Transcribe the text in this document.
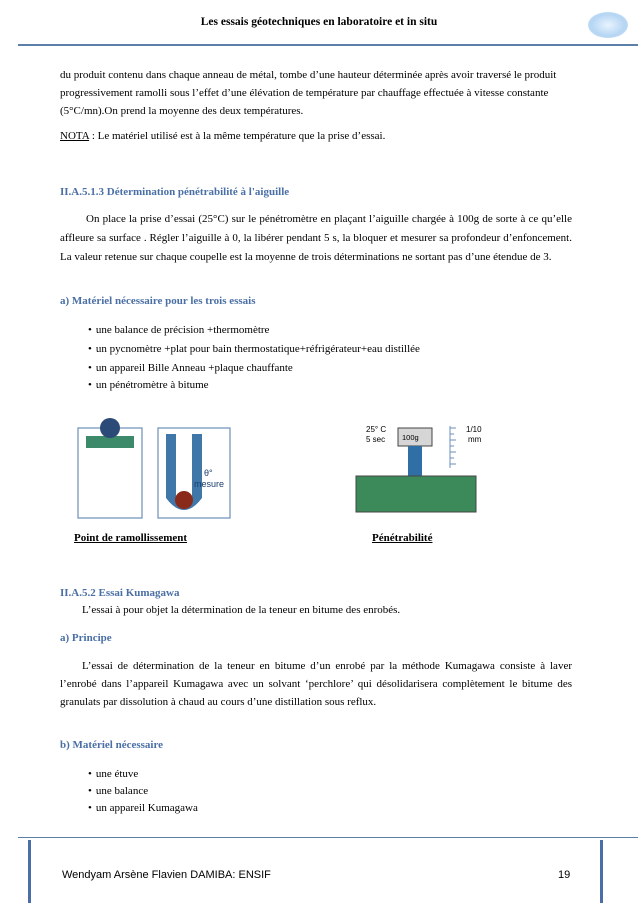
Les essais géotechniques en laboratoire et in situ
du produit contenu dans chaque anneau de métal, tombe d’une hauteur déterminée après avoir traversé le produit progressivement ramolli sous l’effet d’une élévation de température par chauffage effectuée à vitesse constante (5°C/mn).On prend la moyenne des deux températures.
NOTA : Le matériel utilisé est à la même température que la prise d’essai.
II.A.5.1.3 Détermination pénétrabilité à l'aiguille
On place la prise d’essai (25°C) sur le pénétromètre en plaçant l’aiguille chargée à 100g de sorte à ce qu’elle affleure sa surface . Régler l’aiguille à 0, la libérer pendant 5 s, la bloquer et mesurer sa profondeur d’enfoncement. La valeur retenue sur chaque coupelle est la moyenne de trois déterminations ne sortant pas d’une étendue de 3.
a) Matériel nécessaire pour les trois essais
• une balance de précision +thermomètre
• un pycnomètre +plat pour bain thermostatique+réfrigérateur+eau distillée
• un appareil Bille Anneau +plaque chauffante
• un pénétromètre à bitume
θ° mesure
25° C
5 sec 100g
1/10
mm
Point de ramollissement	Pénétrabilité
II.A.5.2 Essai Kumagawa
L’essai à pour objet la détermination de la teneur en bitume des enrobés.
a) Principe
L’essai de détermination de la teneur en bitume d’un enrobé par la méthode Kumagawa consiste à laver l’enrobé dans l’appareil Kumagawa avec un solvant ‘perchlore’ qui désolidarisera complètement le bitume des granulats par dissolution à chaud au cours d’une distillation sous reflux.
b) Matériel nécessaire
• une étuve
• une balance
• un appareil Kumagawa
Wendyam Arsène Flavien DAMIBA: ENSIF	19
